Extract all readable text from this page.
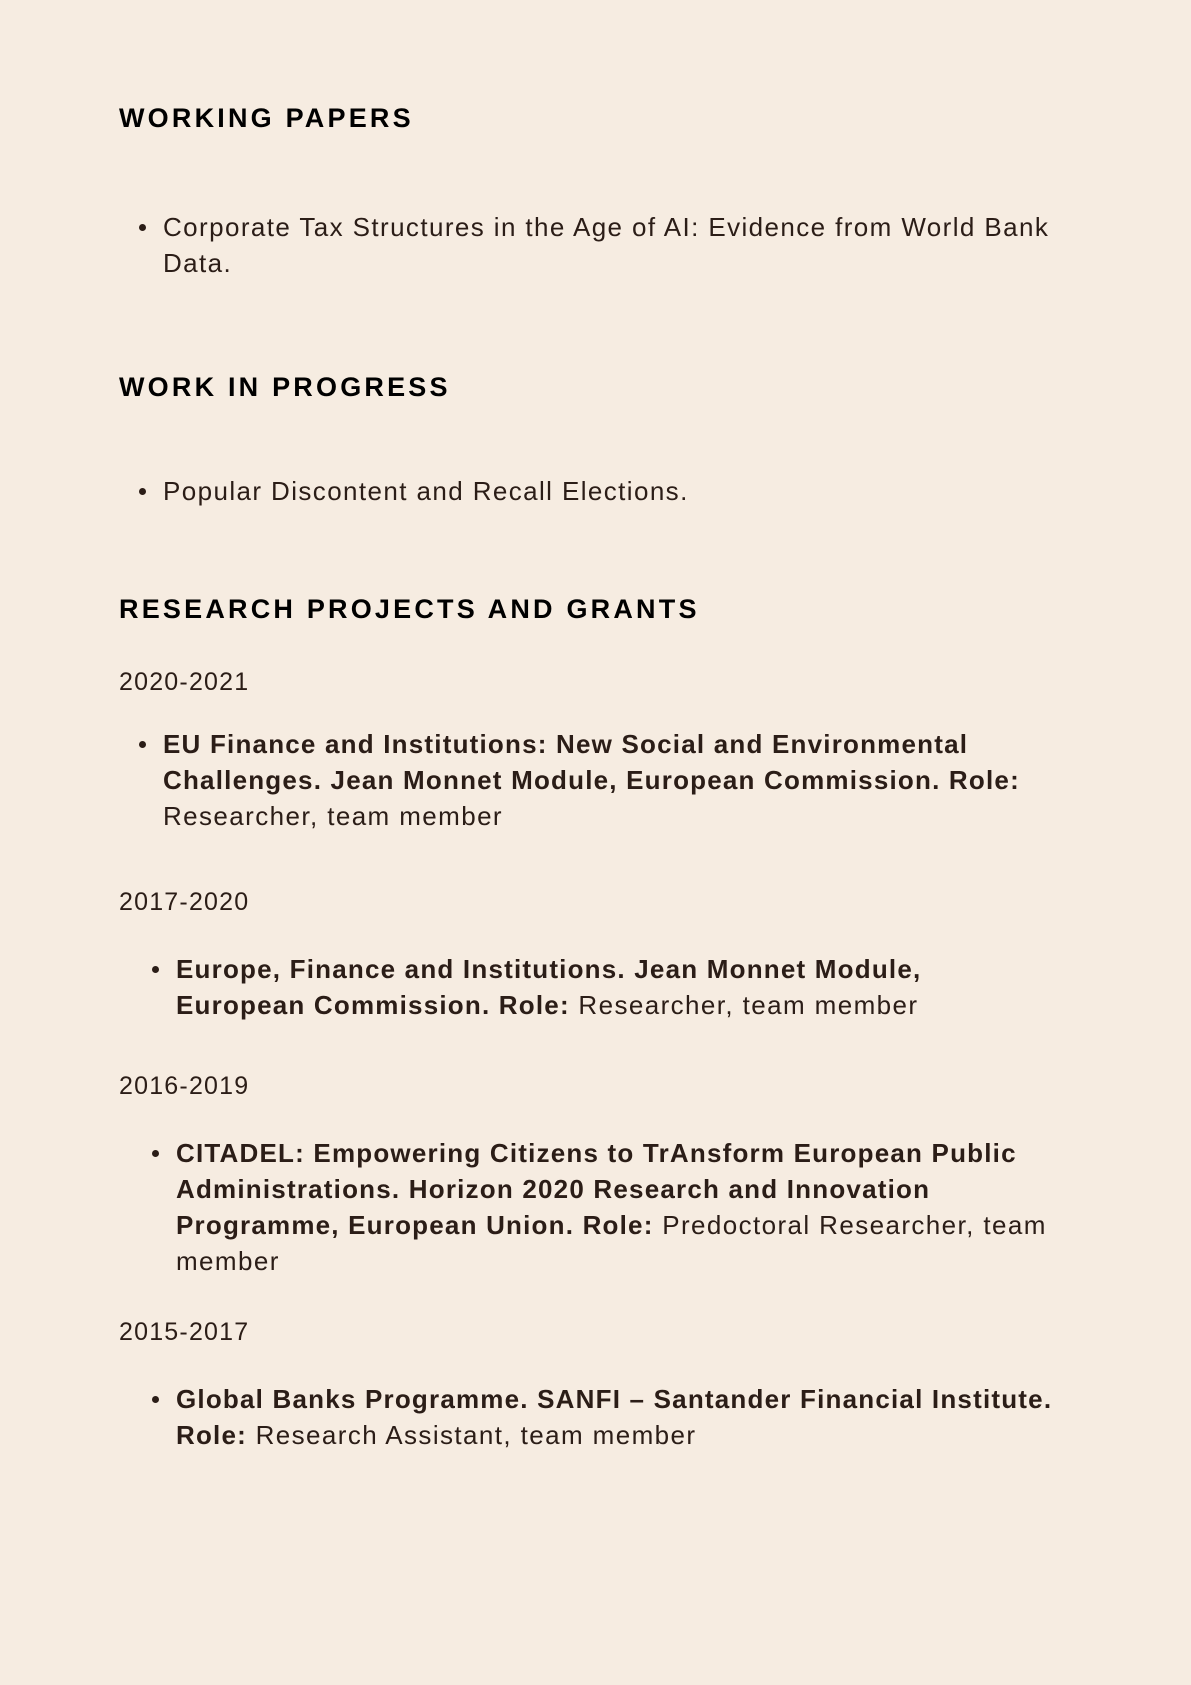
WORKING PAPERS

Corporate Tax Structures in the Age of AI: Evidence from World Bank Data.

WORK IN PROGRESS

Popular Discontent and Recall Elections.

RESEARCH PROJECTS AND GRANTS

2020-2021

EU Finance and Institutions: New Social and Environmental Challenges. Jean Monnet Module, European Commission. Role: Researcher, team member

2017-2020

Europe, Finance and Institutions. Jean Monnet Module, European Commission. Role: Researcher, team member

2016-2019

CITADEL: Empowering Citizens to TrAnsform European Public Administrations. Horizon 2020 Research and Innovation Programme, European Union. Role: Predoctoral Researcher, team member

2015-2017

Global Banks Programme. SANFI – Santander Financial Institute. Role: Research Assistant, team member
